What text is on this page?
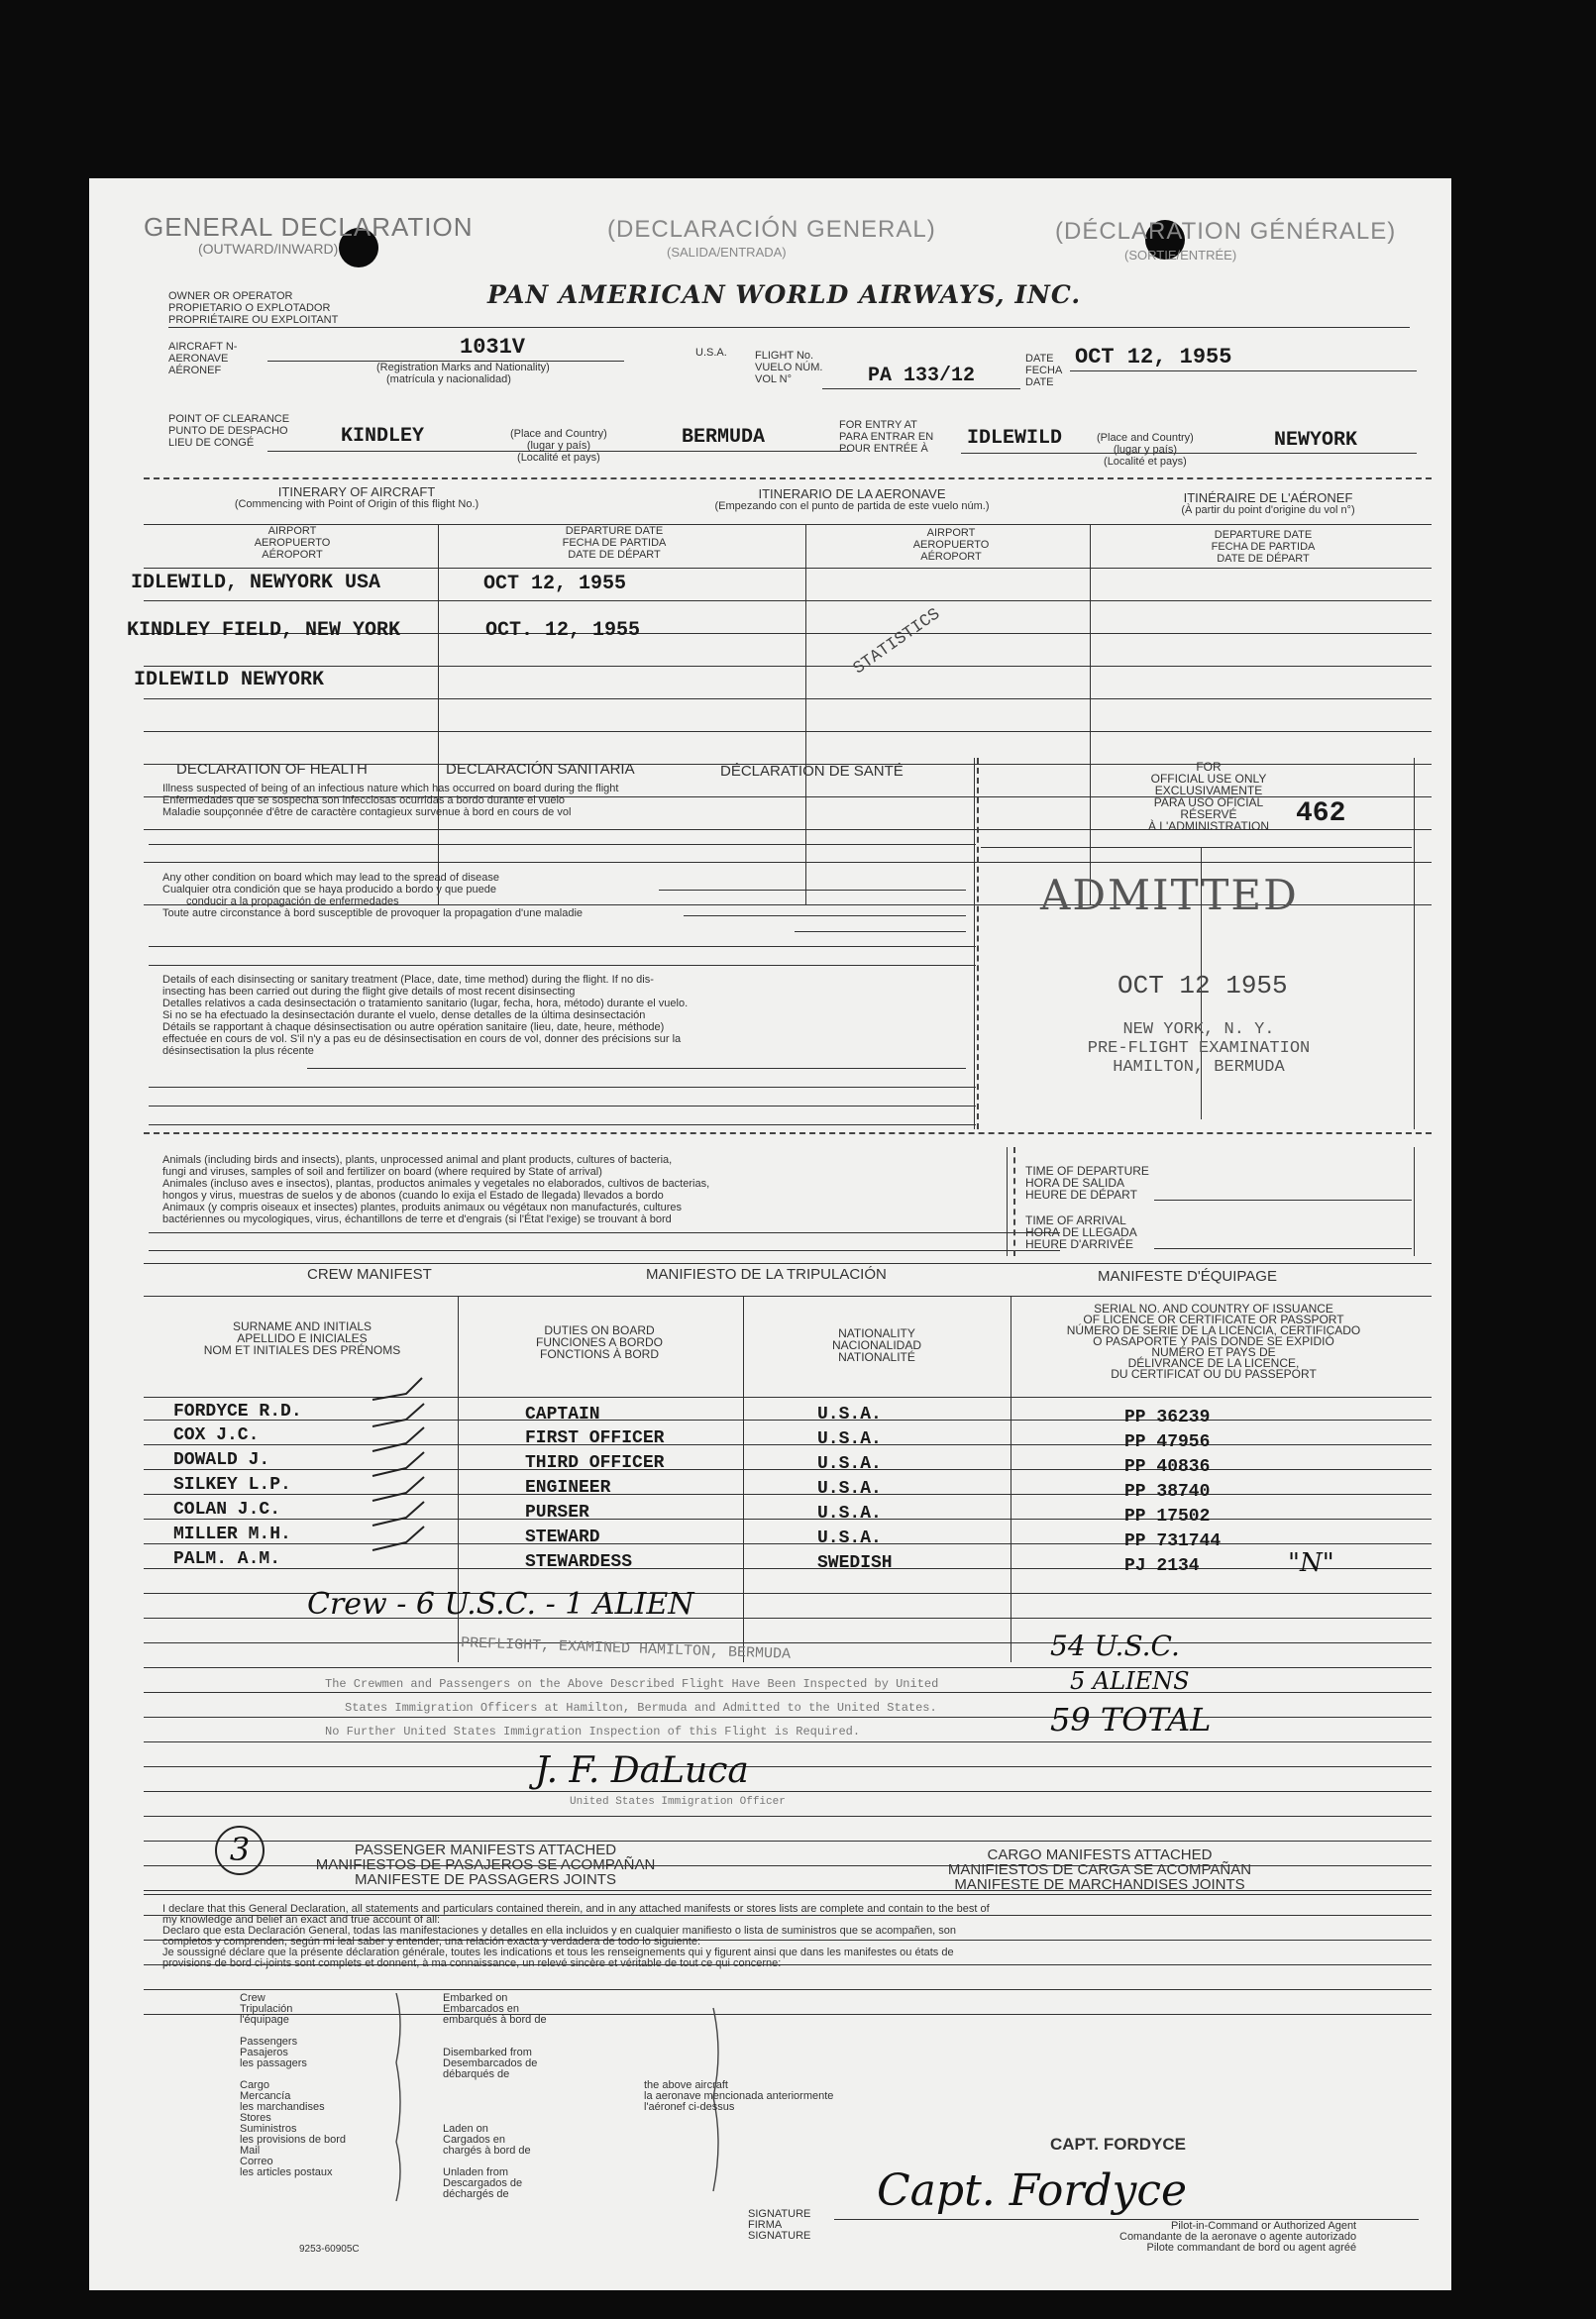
GENERAL DECLARATION
(OUTWARD/INWARD)
(DECLARACIÓN GENERAL)
(SALIDA/ENTRADA)
(DÉCLARATION GÉNÉRALE)
(SORTIE/ENTRÉE)
OWNER OR OPERATOR
PROPIETARIO O EXPLOTADOR
PROPRIÉTAIRE OU EXPLOITANT
PAN AMERICAN WORLD AIRWAYS, INC.
AIRCRAFT N-
AERONAVE
AÉRONEF
1031V
(Registration Marks and Nationality)
(matrícula y nacionalidad)
U.S.A.	FLIGHT No.
VUELO NÚM.
VOL N°	PA 133/12
DATE
FECHA
DATE
OCT 12, 1955
POINT OF CLEARANCE
PUNTO DE DESPACHO
LIEU DE CONGÉ	KINDLEY	(Place and Country)
(lugar y país)
(Localité et pays)
BERMUDA
FOR ENTRY AT
PARA ENTRAR EN
POUR ENTRÉE À IDLEWILD	(Place and Country)
(lugar y país)
(Localité et pays)
NEWYORK
ITINERARY OF AIRCRAFT
(Commencing with Point of Origin of this flight No.)
ITINERARIO DE LA AERONAVE
(Empezando con el punto de partida de este vuelo núm.)
ITINÉRAIRE DE L'AÉRONEF
(À partir du point d'origine du vol n°)
AIRPORT
AEROPUERTO
AÉROPORT
DEPARTURE DATE
FECHA DE PARTIDA
DATE DE DÉPART
AIRPORT
AEROPUERTO
AÉROPORT
DEPARTURE DATE
FECHA DE PARTIDA
DATE DE DÉPART
IDLEWILD, NEWYORK USA	OCT 12, 1955
KINDLEY FIELD, NEW YORK	OCT. 12, 1955
IDLEWILD NEWYORK
STATISTICS
DECLARATION OF HEALTH	DECLARACIÓN SANITARIA	DÉCLARATION DE SANTÉ
Illness suspected of being of an infectious nature which has occurred on board during the flight
Enfermedades que se sospecha son infecciosas ocurridas a bordo durante el vuelo
Maladie soupçonnée d'être de caractère contagieux survenue à bord en cours de vol
Any other condition on board which may lead to the spread of disease
Cualquier otra condición que se haya producido a bordo y que puede
conducir a la propagación de enfermedades
Toute autre circonstance à bord susceptible de provoquer la propagation d'une maladie
Details of each disinsecting or sanitary treatment (Place, date, time method) during the flight. If no dis-
insecting has been carried out during the flight give details of most recent disinsecting
Detalles relativos a cada desinsectación o tratamiento sanitario (lugar, fecha, hora, método) durante el vuelo.
Si no se ha efectuado la desinsectación durante el vuelo, dense detalles de la última desinsectación
Détails se rapportant à chaque désinsectisation ou autre opération sanitaire (lieu, date, heure, méthode)
effectuée en cours de vol. S'il n'y a pas eu de désinsectisation en cours de vol, donner des précisions sur la
désinsectisation la plus récente
FOR
OFFICIAL USE ONLY
EXCLUSIVAMENTE
PARA USO OFICIAL
RÉSERVÉ
À L'ADMINISTRATION 462
ADMITTED
OCT 12 1955
NEW YORK, N. Y.
PRE-FLIGHT EXAMINATION
HAMILTON, BERMUDA
Animals (including birds and insects), plants, unprocessed animal and plant products, cultures of bacteria,
fungi and viruses, samples of soil and fertilizer on board (where required by State of arrival)
Animales (incluso aves e insectos), plantas, productos animales y vegetales no elaborados, cultivos de bacterias,
hongos y virus, muestras de suelos y de abonos (cuando lo exija el Estado de llegada) llevados a bordo
Animaux (y compris oiseaux et insectes) plantes, produits animaux ou végétaux non manufacturés, cultures
bactériennes ou mycologiques, virus, échantillons de terre et d'engrais (si l'État l'exige) se trouvant à bord
TIME OF DEPARTURE
HORA DE SALIDA
HEURE DE DÉPART
TIME OF ARRIVAL
HORA DE LLEGADA
HEURE D'ARRIVÉE
CREW MANIFEST	MANIFIESTO DE LA TRIPULACIÓN	MANIFESTE D'ÉQUIPAGE
SURNAME AND INITIALS
APELLIDO E INICIALES
NOM ET INITIALES DES PRÉNOMS
DUTIES ON BOARD
FUNCIONES A BORDO
FONCTIONS À BORD
NATIONALITY
NACIONALIDAD
NATIONALITÉ
SERIAL NO. AND COUNTRY OF ISSUANCE
OF LICENCE OR CERTIFICATE OR PASSPORT
NÚMERO DE SERIE DE LA LICENCIA, CERTIFICADO
O PASAPORTE Y PAÍS DONDE SE EXPIDIÓ
NUMÉRO ET PAYS DE
DÉLIVRANCE DE LA LICENCE,
DU CERTIFICAT OU DU PASSEPORT
FORDYCE R.D.	CAPTAIN	U.S.A.	PP 36239
COX J.C.	FIRST OFFICER	U.S.A.	PP 47956
DOWALD J.	THIRD OFFICER	U.S.A.	PP 40836
SILKEY L.P.	ENGINEER	U.S.A.	PP 38740
COLAN J.C.	PURSER	U.S.A.	PP 17502
MILLER M.H.	STEWARD	U.S.A.	PP 731744
PALM. A.M.	STEWARDESS	SWEDISH	PJ 2134	"N"
Crew - 6 U.S.C. - 1 ALIEN
PREFLIGHT, EXAMINED HAMILTON, BERMUDA
The Crewmen and Passengers on the Above Described Flight Have Been Inspected by United
States Immigration Officers at Hamilton, Bermuda and Admitted to the United States.
No Further United States Immigration Inspection of this Flight is Required.
J. F. DaLuca
United States Immigration Officer
54 U.S.C.
5 ALIENS
59 TOTAL
3	PASSENGER MANIFESTS ATTACHED
MANIFIESTOS DE PASAJEROS SE ACOMPAÑAN
MANIFESTE DE PASSAGERS JOINTS
CARGO MANIFESTS ATTACHED
MANIFIESTOS DE CARGA SE ACOMPAÑAN
MANIFESTE DE MARCHANDISES JOINTS
I declare that this General Declaration, all statements and particulars contained therein, and in any attached manifests or stores lists are complete and contain to the best of
my knowledge and belief an exact and true account of all:
Declaro que esta Declaración General, todas las manifestaciones y detalles en ella incluidos y en cualquier manifiesto o lista de suministros que se acompañen, son
completos y comprenden, según mi leal saber y entender, una relación exacta y verdadera de todo lo siguiente:
Je soussigné déclare que la présente déclaration générale, toutes les indications et tous les renseignements qui y figurent ainsi que dans les manifestes ou états de
provisions de bord ci-joints sont complets et donnent, à ma connaissance, un relevé sincère et véritable de tout ce qui concerne:
Crew
Tripulación
l'équipage

Passengers
Pasajeros
les passagers

Cargo
Mercancía
les marchandises
Stores
Suministros
les provisions de bord
Mail
Correo
les articles postaux
Embarked on
Embarcados en
embarqués à bord de

Disembarked from
Desembarcados de
débarqués de

Laden on
Cargados en
chargés à bord de

Unladen from
Descargados de
déchargés de
the above aircraft
la aeronave mencionada anteriormente
l'aéronef ci-dessus
CAPT. FORDYCE
Capt. Fordyce
SIGNATURE
FIRMA
SIGNATURE
Pilot-in-Command or Authorized Agent
Comandante de la aeronave o agente autorizado
Pilote commandant de bord ou agent agréé
9253-60905C
